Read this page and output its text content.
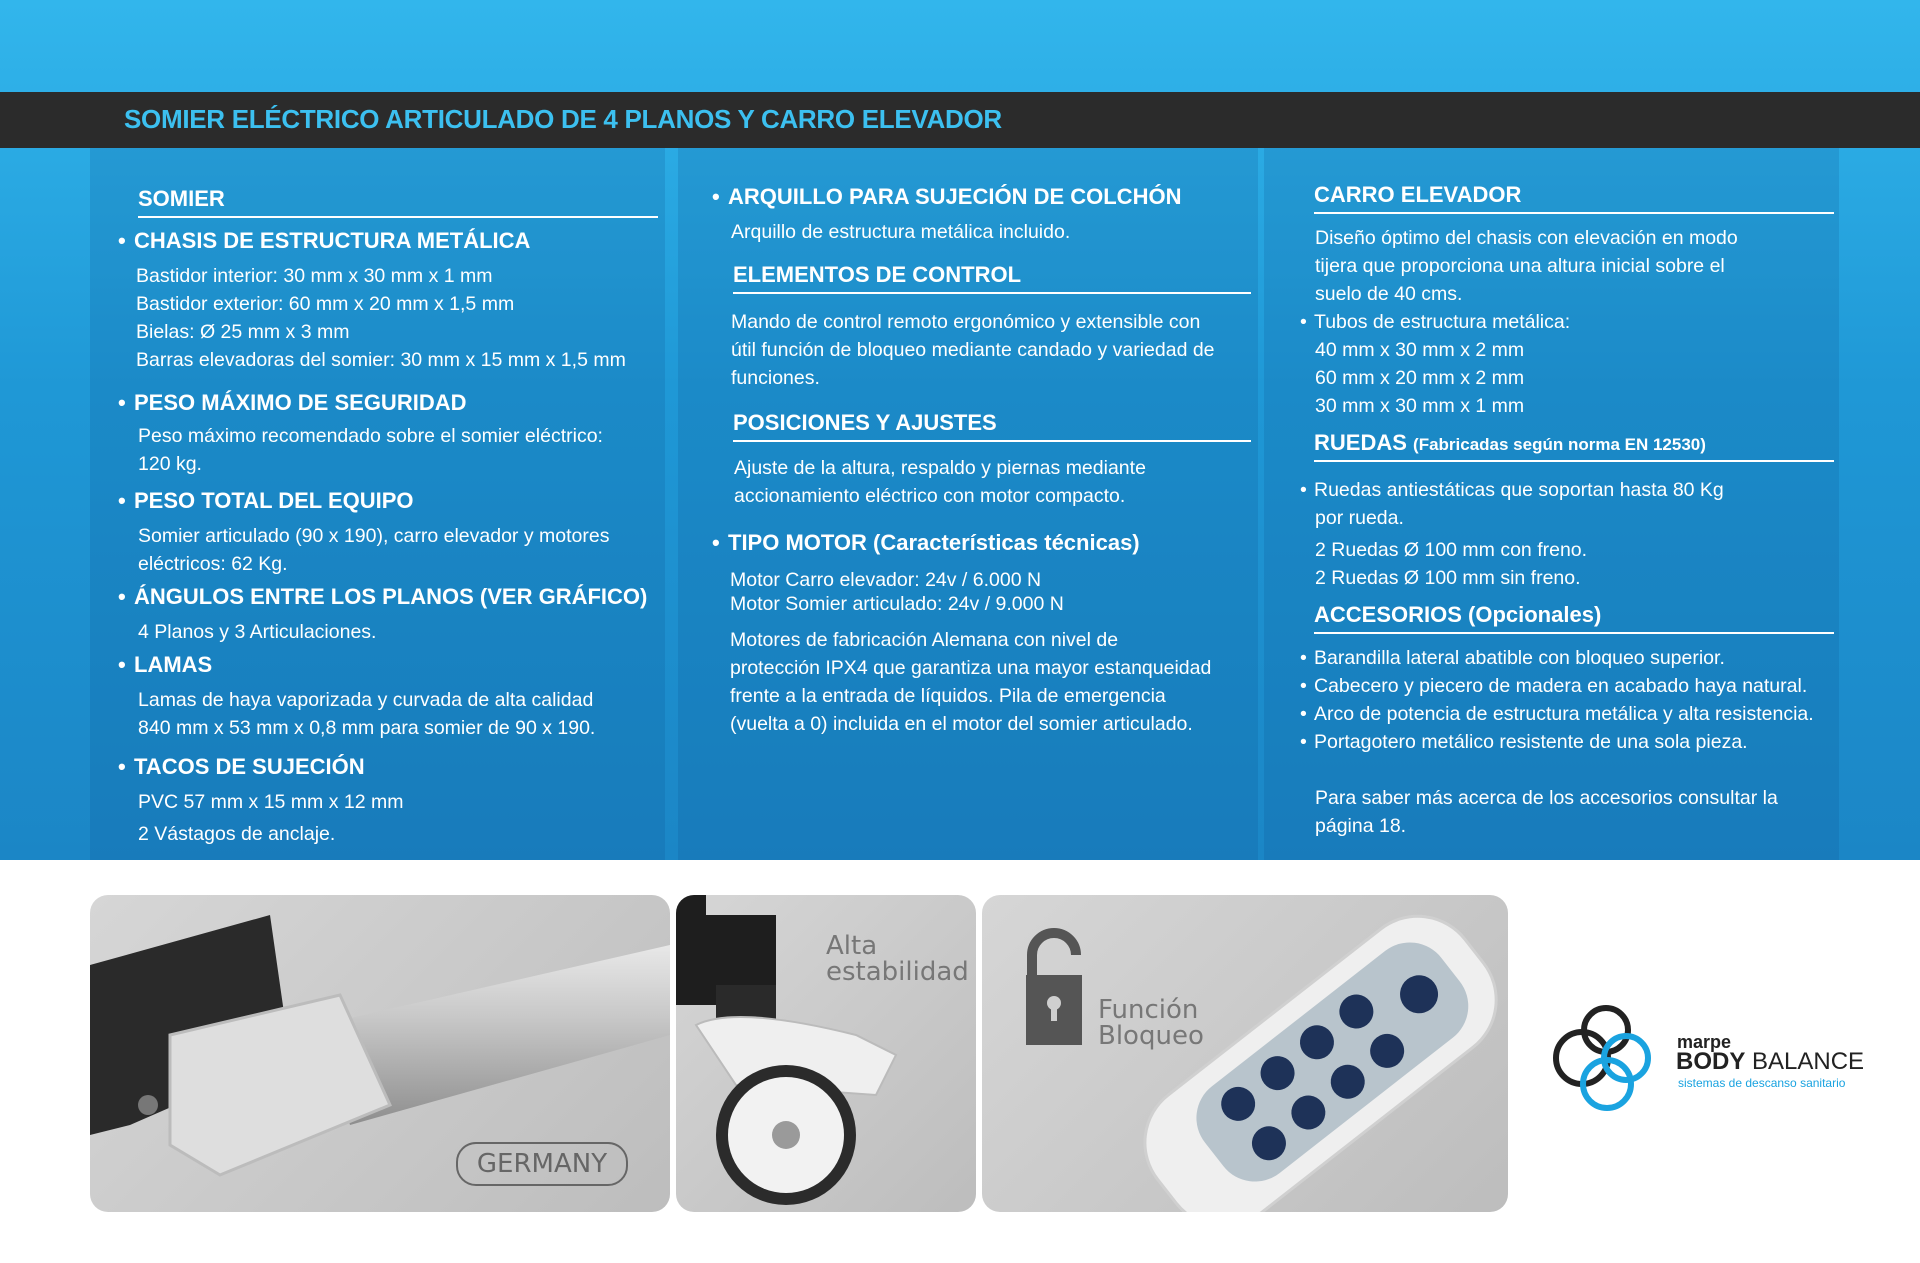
SOMIER ELÉCTRICO ARTICULADO DE 4 PLANOS Y CARRO ELEVADOR
SOMIER
• CHASIS DE ESTRUCTURA METÁLICA
Bastidor interior: 30 mm x 30 mm x 1 mm
Bastidor exterior: 60 mm x 20 mm x 1,5 mm
Bielas: Ø 25 mm x 3 mm
Barras elevadoras del somier: 30 mm x 15 mm x 1,5 mm
• PESO MÁXIMO DE SEGURIDAD
Peso máximo recomendado sobre el somier eléctrico:
120 kg.
• PESO TOTAL DEL EQUIPO
Somier articulado (90 x 190), carro elevador y motores
eléctricos: 62 Kg.
• ÁNGULOS ENTRE LOS PLANOS (VER GRÁFICO)
4 Planos y 3 Articulaciones.
• LAMAS
Lamas de haya vaporizada y curvada de alta calidad
840 mm x 53 mm x 0,8 mm para somier de 90 x 190.
• TACOS DE SUJECIÓN
PVC 57 mm x 15 mm x 12 mm
2 Vástagos de anclaje.
• ARQUILLO PARA SUJECIÓN DE COLCHÓN
Arquillo de estructura metálica incluido.
ELEMENTOS DE CONTROL
Mando de control remoto ergonómico y extensible con
útil función de bloqueo mediante candado y variedad de
funciones.
POSICIONES Y AJUSTES
Ajuste de la altura, respaldo y piernas mediante
accionamiento eléctrico con motor compacto.
• TIPO MOTOR (Características técnicas)
Motor Carro elevador: 24v / 6.000 N
Motor Somier articulado: 24v / 9.000 N
Motores de fabricación Alemana con nivel de
protección IPX4 que garantiza una mayor estanqueidad
frente a la entrada de líquidos. Pila de emergencia
(vuelta a 0) incluida en el motor del somier articulado.
CARRO ELEVADOR
Diseño óptimo del chasis con elevación en modo
tijera que proporciona una altura inicial sobre el
suelo de 40 cms.
• Tubos de estructura metálica:
40 mm x 30 mm x 2 mm
60 mm x 20 mm x 2 mm
30 mm x 30 mm x 1 mm
RUEDAS (Fabricadas según norma EN 12530)
• Ruedas antiestáticas que soportan hasta 80 Kg
por rueda.
2 Ruedas Ø 100 mm con freno.
2 Ruedas Ø 100 mm sin freno.
ACCESORIOS (Opcionales)
• Barandilla lateral abatible con bloqueo superior.
• Cabecero y piecero de madera en acabado haya natural.
• Arco de potencia de estructura metálica y alta resistencia.
• Portagotero metálico resistente de una sola pieza.
Para saber más acerca de los accesorios consultar la
página 18.
GERMANY
Alta
estabilidad
Función
Bloqueo	marpe
BODY BALANCE
sistemas de descanso sanitario
